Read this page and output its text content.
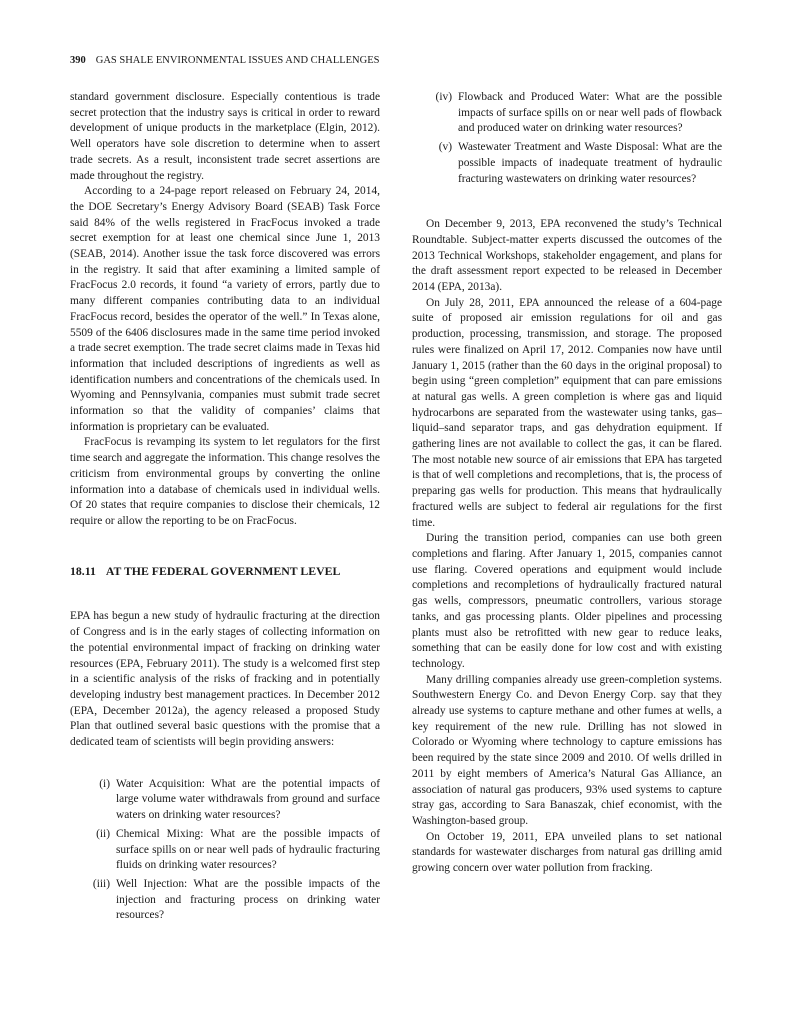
390 GAS SHALE ENVIRONMENTAL ISSUES AND CHALLENGES

standard government disclosure. Especially contentious is trade secret protection that the industry says is critical in order to reward development of unique products in the marketplace (Elgin, 2012). Well operators have sole discretion to determine when to assert trade secrets. As a result, inconsistent trade secret assertions are made throughout the registry.

According to a 24-page report released on February 24, 2014, the DOE Secretary’s Energy Advisory Board (SEAB) Task Force said 84% of the wells registered in FracFocus invoked a trade secret exemption for at least one chemical since June 1, 2013 (SEAB, 2014). Another issue the task force discovered was errors in the registry. It said that after examining a limited sample of FracFocus 2.0 records, it found “a variety of errors, partly due to many different companies contributing data to an individual FracFocus record, besides the operator of the well.” In Texas alone, 5509 of the 6406 disclosures made in the same time period invoked a trade secret exemption. The trade secret claims made in Texas hid information that included descriptions of ingredients as well as identification numbers and concentrations of the chemicals used. In Wyoming and Pennsylvania, companies must submit trade secret information so that the validity of companies’ claims that information is proprietary can be evaluated.

FracFocus is revamping its system to let regulators for the first time search and aggregate the information. This change resolves the criticism from environmental groups by converting the online information into a database of chemicals used in individual wells. Of 20 states that require companies to disclose their chemicals, 12 require or allow the reporting to be on FracFocus.

18.11 AT THE FEDERAL GOVERNMENT LEVEL

EPA has begun a new study of hydraulic fracturing at the direction of Congress and is in the early stages of collecting information on the potential environmental impact of fracking on drinking water resources (EPA, February 2011). The study is a welcomed first step in a scientific analysis of the risks of fracking and in potentially developing industry best management practices. In December 2012 (EPA, December 2012a), the agency released a proposed Study Plan that outlined several basic questions with the promise that a dedicated team of scientists will begin providing answers:

(i) Water Acquisition: What are the potential impacts of large volume water withdrawals from ground and surface waters on drinking water resources?
(ii) Chemical Mixing: What are the possible impacts of surface spills on or near well pads of hydraulic fracturing fluids on drinking water resources?
(iii) Well Injection: What are the possible impacts of the injection and fracturing process on drinking water resources?
(iv) Flowback and Produced Water: What are the possible impacts of surface spills on or near well pads of flowback and produced water on drinking water resources?
(v) Wastewater Treatment and Waste Disposal: What are the possible impacts of inadequate treatment of hydraulic fracturing wastewaters on drinking water resources?

On December 9, 2013, EPA reconvened the study’s Technical Roundtable. Subject-matter experts discussed the outcomes of the 2013 Technical Workshops, stakeholder engagement, and plans for the draft assessment report expected to be released in December 2014 (EPA, 2013a).

On July 28, 2011, EPA announced the release of a 604-page suite of proposed air emission regulations for oil and gas production, processing, transmission, and storage. The proposed rules were finalized on April 17, 2012. Companies now have until January 1, 2015 (rather than the 60 days in the original proposal) to begin using “green completion” equipment that can pare emissions at natural gas wells. A green completion is where gas and liquid hydrocarbons are separated from the wastewater using tanks, gas–liquid–sand separator traps, and gas dehydration equipment. If gathering lines are not available to collect the gas, it can be flared. The most notable new source of air emissions that EPA has targeted is that of well completions and recompletions, that is, the process of preparing gas wells for production. This means that hydraulically fractured wells are subject to federal air regulations for the first time.

During the transition period, companies can use both green completions and flaring. After January 1, 2015, companies cannot use flaring. Covered operations and equipment would include completions and recompletions of hydraulically fractured natural gas wells, compressors, pneumatic controllers, various storage tanks, and gas processing plants. Older pipelines and processing plants must also be retrofitted with new gear to reduce leaks, something that can be easily done for low cost and with existing technology.

Many drilling companies already use green-completion systems. Southwestern Energy Co. and Devon Energy Corp. say that they already use systems to capture methane and other fumes at wells, a key requirement of the new rule. Drilling has not slowed in Colorado or Wyoming where technology to capture emissions has been required by the state since 2009 and 2010. Of wells drilled in 2011 by eight members of America’s Natural Gas Alliance, an association of natural gas producers, 93% used systems to capture stray gas, according to Sara Banaszak, chief economist, with the Washington-based group.

On October 19, 2011, EPA unveiled plans to set national standards for wastewater discharges from natural gas drilling amid growing concern over water pollution from fracking.
